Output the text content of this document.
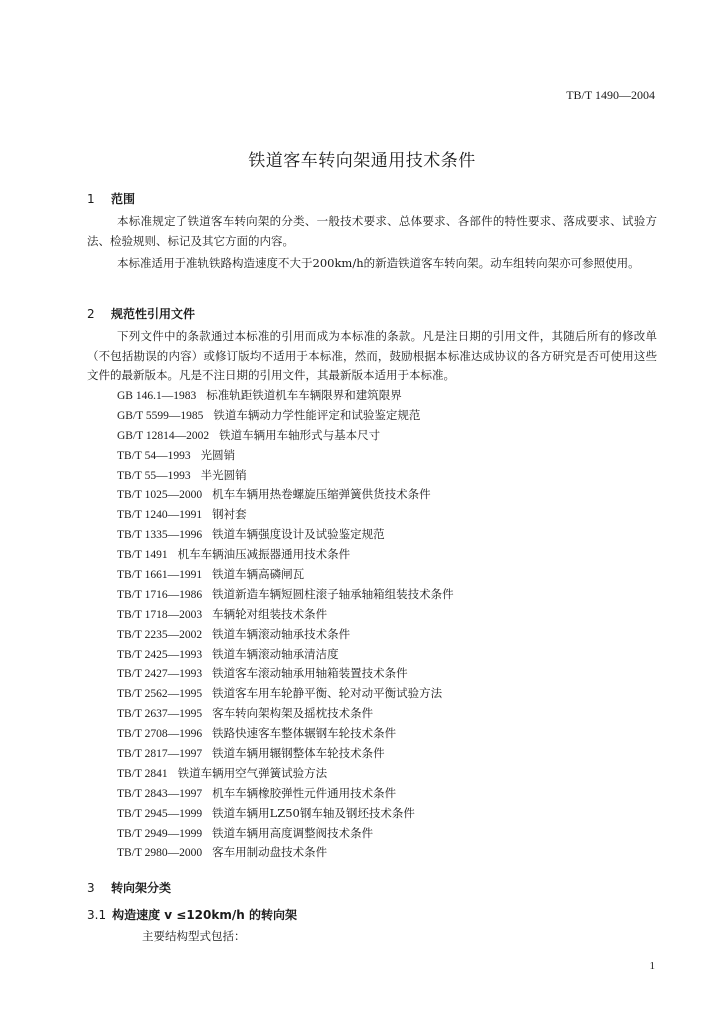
TB/T 1490—2004
铁道客车转向架通用技术条件
1 范围

本标准规定了铁道客车转向架的分类、一般技术要求、总体要求、各部件的特性要求、落成要求、试验方法、检验规则、标记及其它方面的内容。

本标准适用于准轨铁路构造速度不大于200km/h的新造铁道客车转向架。动车组转向架亦可参照使用。

2 规范性引用文件

下列文件中的条款通过本标准的引用而成为本标准的条款。凡是注日期的引用文件，其随后所有的修改单（不包括勘误的内容）或修订版均不适用于本标准，然而，鼓励根据本标准达成协议的各方研究是否可使用这些文件的最新版本。凡是不注日期的引用文件，其最新版本适用于本标准。

GB 146.1—1983 标准轨距铁道机车车辆限界和建筑限界
GB/T 5599—1985 铁道车辆动力学性能评定和试验鉴定规范
GB/T 12814—2002 铁道车辆用车轴形式与基本尺寸
TB/T 54—1993 光圆销
TB/T 55—1993 半光圆销
TB/T 1025—2000 机车车辆用热卷螺旋压缩弹簧供货技术条件
TB/T 1240—1991 钢衬套
TB/T 1335—1996 铁道车辆强度设计及试验鉴定规范
TB/T 1491 机车车辆油压减振器通用技术条件
TB/T 1661—1991 铁道车辆高磷闸瓦
TB/T 1716—1986 铁道新造车辆短圆柱滚子轴承轴箱组装技术条件
TB/T 1718—2003 车辆轮对组装技术条件
TB/T 2235—2002 铁道车辆滚动轴承技术条件
TB/T 2425—1993 铁道车辆滚动轴承清洁度
TB/T 2427—1993 铁道客车滚动轴承用轴箱装置技术条件
TB/T 2562—1995 铁道客车用车轮静平衡、轮对动平衡试验方法
TB/T 2637—1995 客车转向架构架及摇枕技术条件
TB/T 2708—1996 铁路快速客车整体辗钢车轮技术条件
TB/T 2817—1997 铁道车辆用辗钢整体车轮技术条件
TB/T 2841 铁道车辆用空气弹簧试验方法
TB/T 2843—1997 机车车辆橡胶弹性元件通用技术条件
TB/T 2945—1999 铁道车辆用LZ50钢车轴及钢坯技术条件
TB/T 2949—1999 铁道车辆用高度调整阀技术条件
TB/T 2980—2000 客车用制动盘技术条件
3 转向架分类
3.1 构造速度 v ≤120km/h 的转向架
主要结构型式包括：
1
